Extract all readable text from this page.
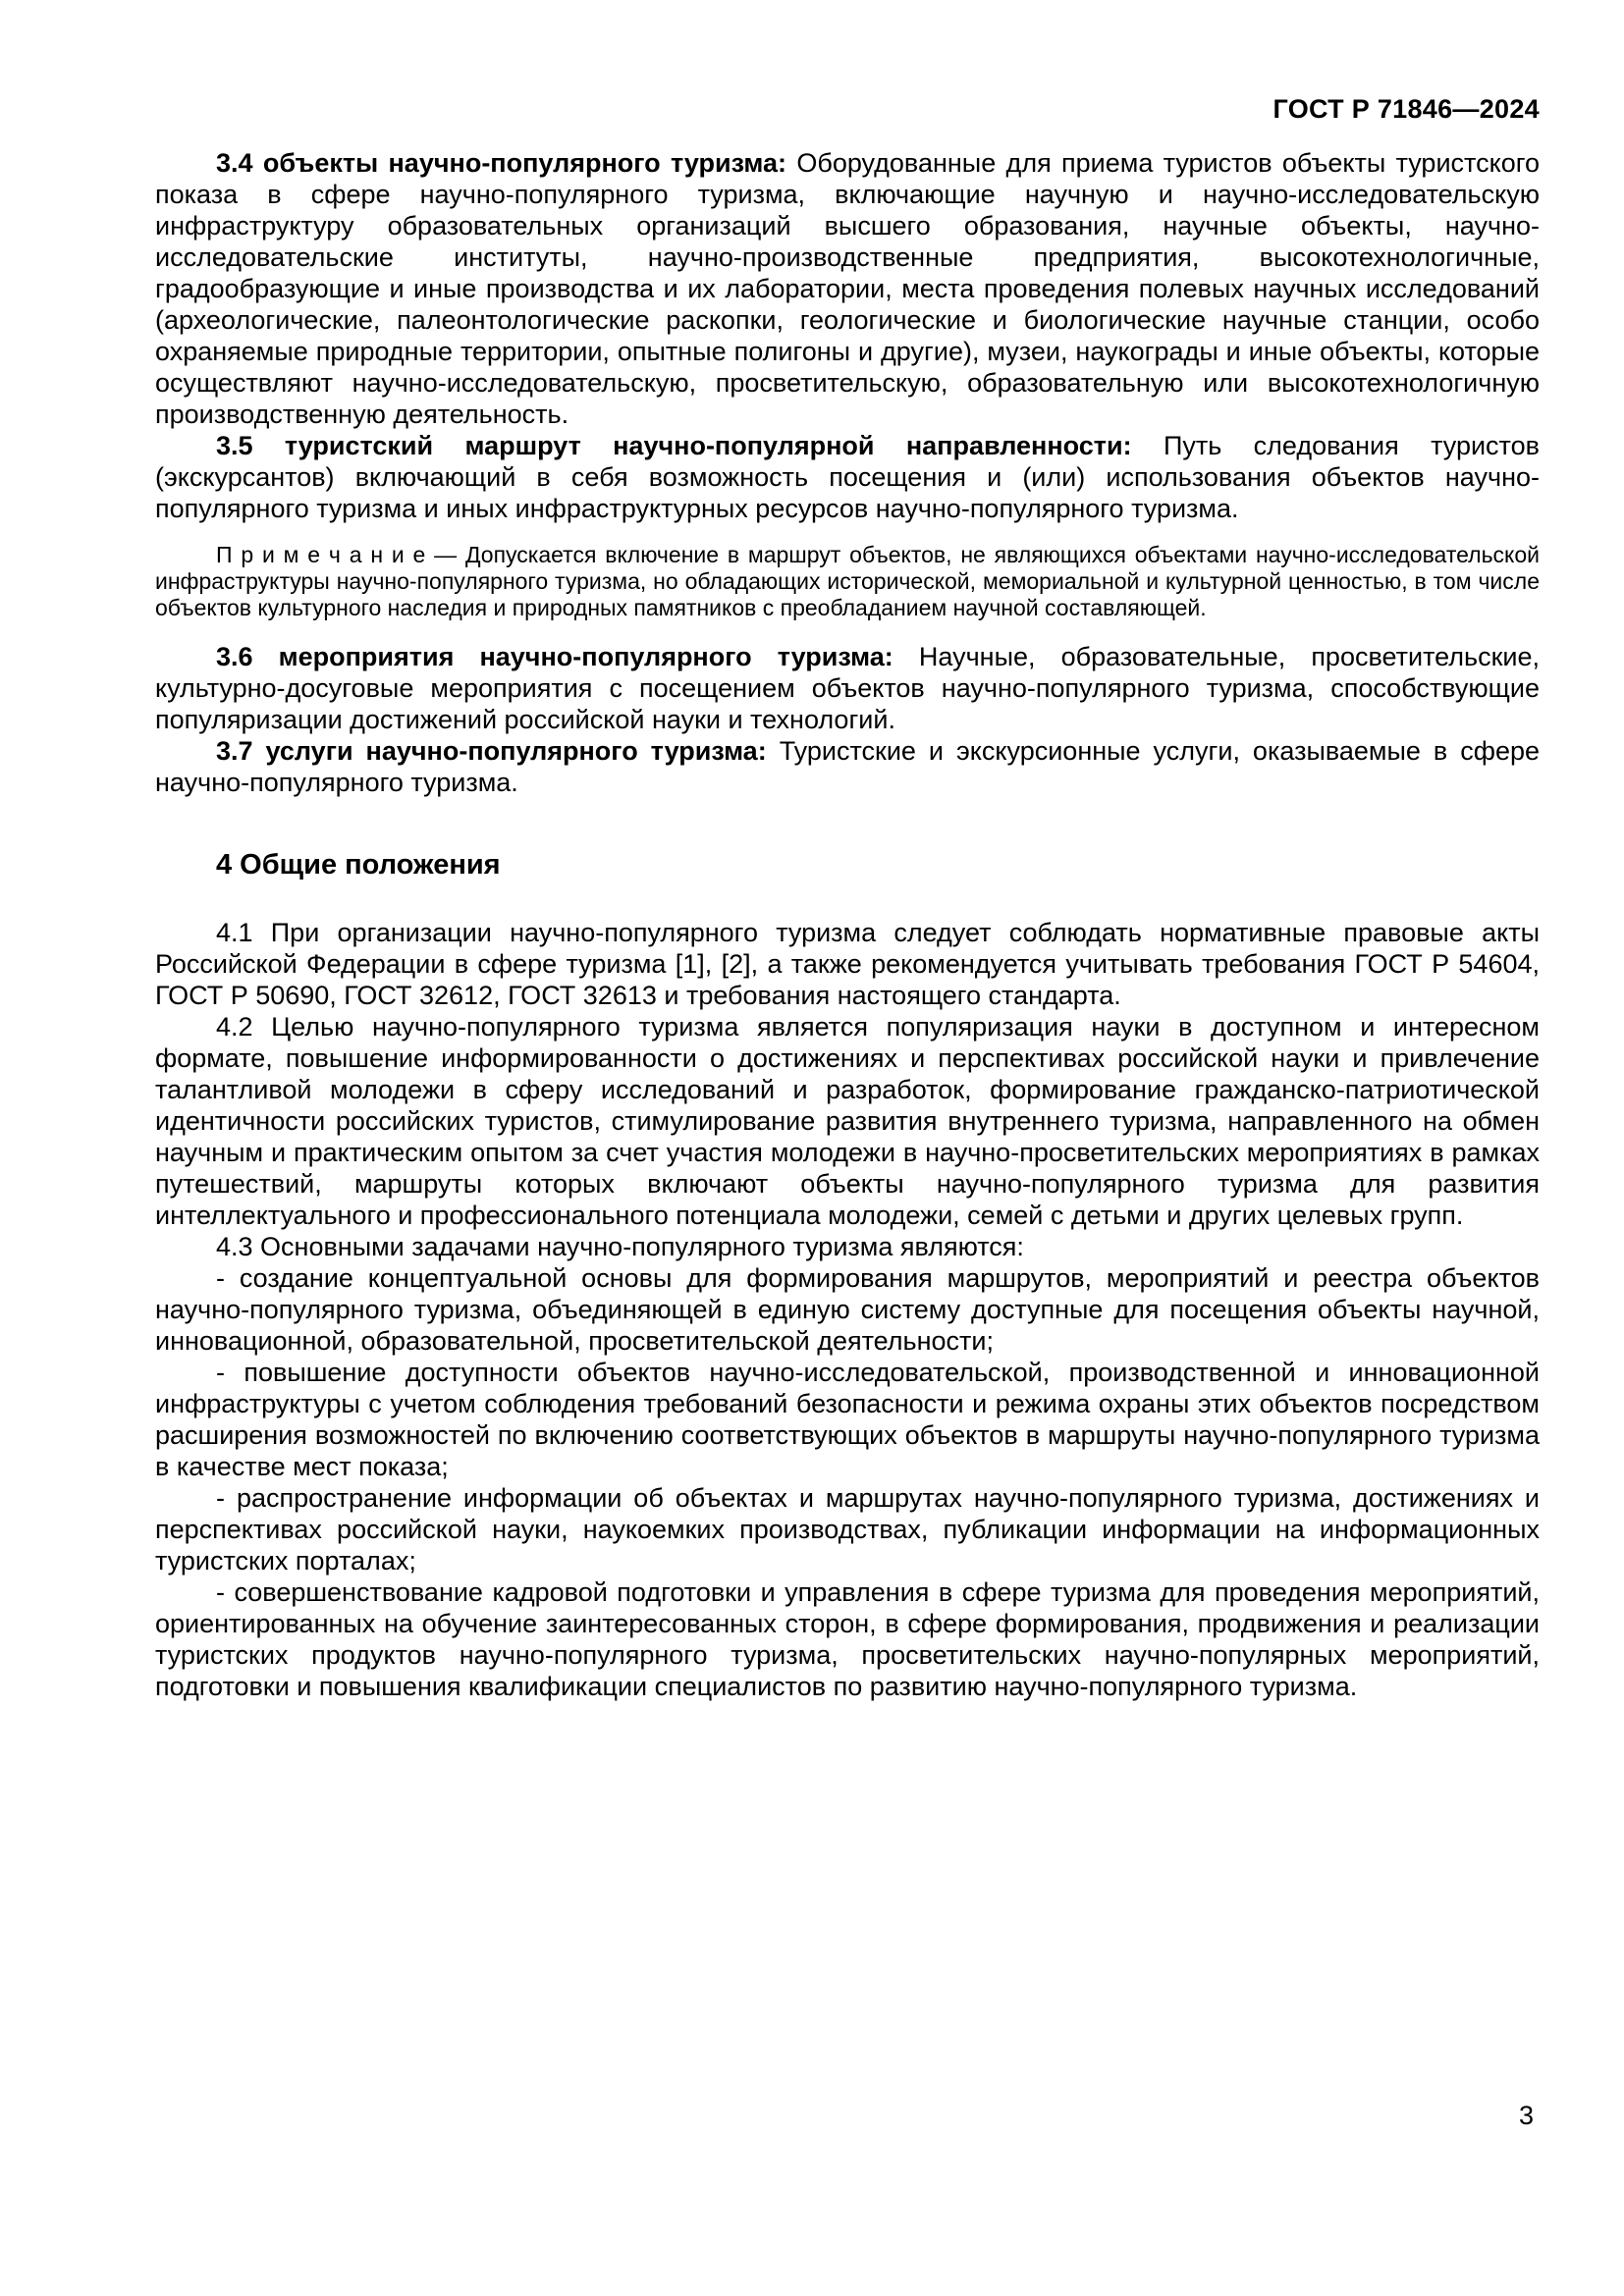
ГОСТ Р 71846—2024

3.4 объекты научно-популярного туризма: Оборудованные для приема туристов объекты туристского показа в сфере научно-популярного туризма, включающие научную и научно-исследовательскую инфраструктуру образовательных организаций высшего образования, научные объекты, научно-исследовательские институты, научно-производственные предприятия, высокотехнологичные, градообразующие и иные производства и их лаборатории, места проведения полевых научных исследований (археологические, палеонтологические раскопки, геологические и биологические научные станции, особо охраняемые природные территории, опытные полигоны и другие), музеи, наукограды и иные объекты, которые осуществляют научно-исследовательскую, просветительскую, образовательную или высокотехнологичную производственную деятельность.

3.5 туристский маршрут научно-популярной направленности: Путь следования туристов (экскурсантов) включающий в себя возможность посещения и (или) использования объектов научно-популярного туризма и иных инфраструктурных ресурсов научно-популярного туризма.

П р и м е ч а н и е — Допускается включение в маршрут объектов, не являющихся объектами научно-исследовательской инфраструктуры научно-популярного туризма, но обладающих исторической, мемориальной и культурной ценностью, в том числе объектов культурного наследия и природных памятников с преобладанием научной составляющей.

3.6 мероприятия научно-популярного туризма: Научные, образовательные, просветительские, культурно-досуговые мероприятия с посещением объектов научно-популярного туризма, способствующие популяризации достижений российской науки и технологий.

3.7 услуги научно-популярного туризма: Туристские и экскурсионные услуги, оказываемые в сфере научно-популярного туризма.

4 Общие положения

4.1 При организации научно-популярного туризма следует соблюдать нормативные правовые акты Российской Федерации в сфере туризма [1], [2], а также рекомендуется учитывать требования ГОСТ Р 54604, ГОСТ Р 50690, ГОСТ 32612, ГОСТ 32613 и требования настоящего стандарта.

4.2 Целью научно-популярного туризма является популяризация науки в доступном и интересном формате, повышение информированности о достижениях и перспективах российской науки и привлечение талантливой молодежи в сферу исследований и разработок, формирование гражданско-патриотической идентичности российских туристов, стимулирование развития внутреннего туризма, направленного на обмен научным и практическим опытом за счет участия молодежи в научно-просветительских мероприятиях в рамках путешествий, маршруты которых включают объекты научно-популярного туризма для развития интеллектуального и профессионального потенциала молодежи, семей с детьми и других целевых групп.

4.3 Основными задачами научно-популярного туризма являются:

- создание концептуальной основы для формирования маршрутов, мероприятий и реестра объектов научно-популярного туризма, объединяющей в единую систему доступные для посещения объекты научной, инновационной, образовательной, просветительской деятельности;

- повышение доступности объектов научно-исследовательской, производственной и инновационной инфраструктуры с учетом соблюдения требований безопасности и режима охраны этих объектов посредством расширения возможностей по включению соответствующих объектов в маршруты научно-популярного туризма в качестве мест показа;

- распространение информации об объектах и маршрутах научно-популярного туризма, достижениях и перспективах российской науки, наукоемких производствах, публикации информации на информационных туристских порталах;

- совершенствование кадровой подготовки и управления в сфере туризма для проведения мероприятий, ориентированных на обучение заинтересованных сторон, в сфере формирования, продвижения и реализации туристских продуктов научно-популярного туризма, просветительских научно-популярных мероприятий, подготовки и повышения квалификации специалистов по развитию научно-популярного туризма.

3
